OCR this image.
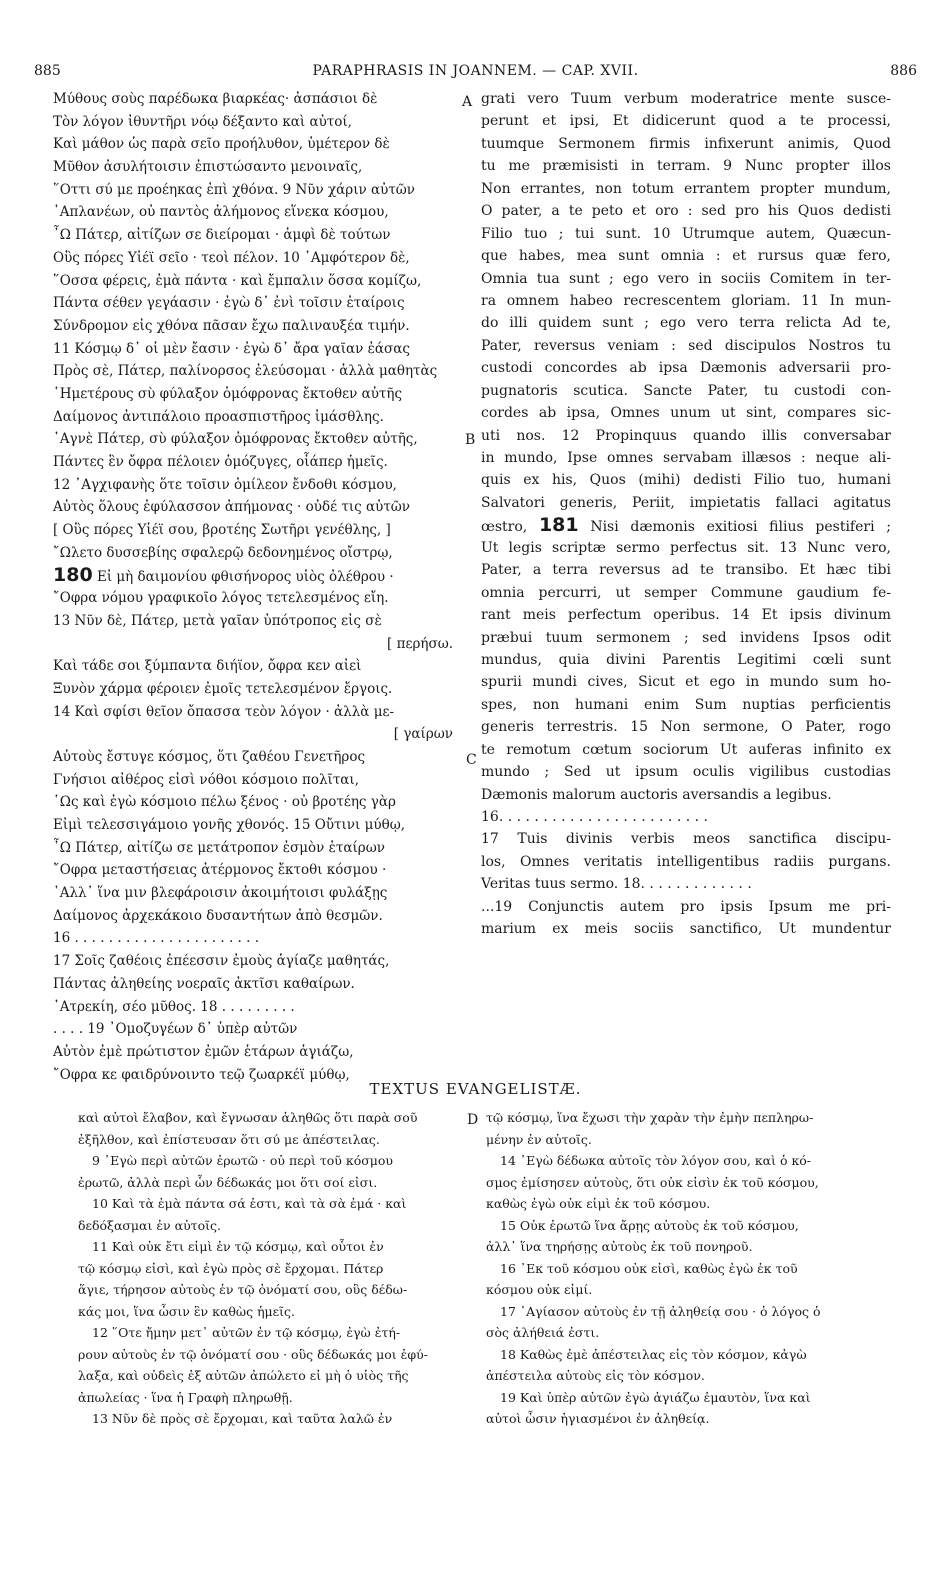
885	PARAPHRASIS IN JOANNEM. — CAP. XVII.	886
A
B
C
D
Μύθους σοὺς παρέδωκα βιαρκέας· ἀσπάσιοι δὲ
Τὸν λόγον ἰθυντῆρι νόῳ δέξαντο καὶ αὐτοί,
Καὶ μάθον ὡς παρὰ σεῖο προήλυθον, ὑμέτερον δὲ
Μῦθον ἀσυλήτοισιν ἐπιστώσαντο μενοιναῖς,
῞Οττι σύ με προέηκας ἐπὶ χθόνα. 9 Νῦν χάριν αὐτῶν
᾿Απλανέων, οὐ παντὸς ἀλήμονος εἵνεκα κόσμου,
῏Ω Πάτερ, αἰτίζων σε διείρομαι · ἀμφὶ δὲ τούτων
Οὓς πόρες Υἱέϊ σεῖο · τεοὶ πέλον. 10 ᾿Αμφότερον δὲ,
῞Οσσα φέρεις, ἐμὰ πάντα · καὶ ἔμπαλιν ὅσσα κομίζω,
Πάντα σέθεν γεγάασιν · ἐγὼ δ᾿ ἐνὶ τοῖσιν ἑταίροις
Σύνδρομον εἰς χθόνα πᾶσαν ἔχω παλιναυξέα τιμήν.
11 Κόσμῳ δ᾿ οἱ μὲν ἔασιν · ἐγὼ δ᾿ ἄρα γαῖαν ἐάσας
Πρὸς σὲ, Πάτερ, παλίνορσος ἐλεύσομαι · ἀλλὰ μαθητὰς
῾Ημετέρους σὺ φύλαξον ὁμόφρονας ἔκτοθεν αὐτῆς
Δαίμονος ἀντιπάλοιο προασπιστῆρος ἱμάσθλης.
᾿Αγνὲ Πάτερ, σὺ φύλαξον ὁμόφρονας ἔκτοθεν αὐτῆς,
Πάντες ἓν ὄφρα πέλοιεν ὁμόζυγες, οἷάπερ ἡμεῖς.
12 ᾿Αγχιφανὴς ὅτε τοῖσιν ὁμίλεον ἔνδοθι κόσμου,
Αὐτὸς ὅλους ἐφύλασσον ἀπήμονας · οὐδέ τις αὐτῶν
[ Οὓς πόρες Υἱέϊ σου, βροτέης Σωτῆρι γενέθλης, ]
῎Ωλετο δυσσεβίης σφαλερῷ δεδονημένος οἴστρῳ,
180 Εἰ μὴ δαιμονίου φθισήνορος υἱὸς ὀλέθρου ·
῎Οφρα νόμου γραφικοῖο λόγος τετελεσμένος εἴη.
13 Νῦν δὲ, Πάτερ, μετὰ γαῖαν ὑπότροπος εἰς σὲ
[ περήσω.
Καὶ τάδε σοι ξύμπαντα διήϊον, ὄφρα κεν αἰεὶ
Ξυνὸν χάρμα φέροιεν ἐμοῖς τετελεσμένον ἔργοις.
14 Καὶ σφίσι θεῖον ὄπασσα τεὸν λόγον · ἀλλὰ με-
[ γαίρων
Αὐτοὺς ἔστυγε κόσμος, ὅτι ζαθέου Γενετῆρος
Γνήσιοι αἰθέρος εἰσὶ νόθοι κόσμοιο πολῖται,
῾Ως καὶ ἐγὼ κόσμοιο πέλω ξένος · οὐ βροτέης γὰρ
Εἰμὶ τελεσσιγάμοιο γονῆς χθονός. 15 Οὔτινι μύθῳ,
῏Ω Πάτερ, αἰτίζω σε μετάτροπον ἐσμὸν ἑταίρων
῎Οφρα μεταστήσειας ἀτέρμονος ἔκτοθι κόσμου ·
᾿Αλλ᾿ ἵνα μιν βλεφάροισιν ἀκοιμήτοισι φυλάξῃς
Δαίμονος ἀρχεκάκοιο δυσαντήτων ἀπὸ θεσμῶν.
16 . . . . . . . . . . . . . . . . . . . . . .
17 Σοῖς ζαθέοις ἐπέεσσιν ἐμοὺς ἁγίαζε μαθητάς,
Πάντας ἀληθείης νοεραῖς ἀκτῖσι καθαίρων.
᾿Ατρεκίη, σέο μῦθος. 18 . . . . . . . . .
. . . . 19 ᾿Ομοζυγέων δ᾿ ὑπὲρ αὐτῶν
Αὐτὸν ἐμὲ πρώτιστον ἐμῶν ἑτάρων ἁγιάζω,
῎Οφρα κε φαιδρύνοιντο τεῷ ζωαρκέϊ μύθῳ,
grati vero Tuum verbum moderatrice mente susce-
perunt et ipsi, Et didicerunt quod a te processi,
tuumque Sermonem firmis infixerunt animis, Quod
tu me præmisisti in terram. 9 Nunc propter illos
Non errantes, non totum errantem propter mundum,
O pater, a te peto et oro : sed pro his Quos dedisti
Filio tuo ; tui sunt. 10 Utrumque autem, Quæcun-
que habes, mea sunt omnia : et rursus quæ fero,
Omnia tua sunt ; ego vero in sociis Comitem in ter-
ra omnem habeo recrescentem gloriam. 11 In mun-
do illi quidem sunt ; ego vero terra relicta Ad te,
Pater, reversus veniam : sed discipulos Nostros tu
custodi concordes ab ipsa Dæmonis adversarii pro-
pugnatoris scutica. Sancte Pater, tu custodi con-
cordes ab ipsa, Omnes unum ut sint, compares sic-
uti nos. 12 Propinquus quando illis conversabar
in mundo, Ipse omnes servabam illæsos : neque ali-
quis ex his, Quos (mihi) dedisti Filio tuo, humani
Salvatori generis, Periit, impietatis fallaci agitatus
œstro, 181 Nisi dæmonis exitiosi filius pestiferi ;
Ut legis scriptæ sermo perfectus sit. 13 Nunc vero,
Pater, a terra reversus ad te transibo. Et hæc tibi
omnia percurri, ut semper Commune gaudium fe-
rant meis perfectum operibus. 14 Et ipsis divinum
præbui tuum sermonem ; sed invidens Ipsos odit
mundus, quia divini Parentis Legitimi cœli sunt
spurii mundi cives, Sicut et ego in mundo sum ho-
spes, non humani enim Sum nuptias perficientis
generis terrestris. 15 Non sermone, O Pater, rogo
te remotum cœtum sociorum Ut auferas infinito ex
mundo ; Sed ut ipsum oculis vigilibus custodias
Dæmonis malorum auctoris aversandis a legibus.
16. . . . . . . . . . . . . . . . . . . . . . . .
17 Tuis divinis verbis meos sanctifica discipu-
los, Omnes veritatis intelligentibus radiis purgans.
Veritas tuus sermo. 18. . . . . . . . . . . . .
...19 Conjunctis autem pro ipsis Ipsum me pri-
marium ex meis sociis sanctifico, Ut mundentur
TEXTUS EVANGELISTÆ.
καὶ αὐτοὶ ἔλαβον, καὶ ἔγνωσαν ἀληθῶς ὅτι παρὰ σοῦ
ἐξῆλθον, καὶ ἐπίστευσαν ὅτι σύ με ἀπέστειλας.
9 ᾿Εγὼ περὶ αὐτῶν ἐρωτῶ · οὐ περὶ τοῦ κόσμου
ἐρωτῶ, ἀλλὰ περὶ ὧν δέδωκάς μοι ὅτι σοί εἰσι.
10 Καὶ τὰ ἐμὰ πάντα σά ἐστι, καὶ τὰ σὰ ἐμά · καὶ
δεδόξασμαι ἐν αὐτοῖς.
11 Καὶ οὐκ ἔτι εἰμὶ ἐν τῷ κόσμῳ, καὶ οὗτοι ἐν
τῷ κόσμῳ εἰσὶ, καὶ ἐγὼ πρὸς σὲ ἔρχομαι. Πάτερ
ἅγιε, τήρησον αὐτοὺς ἐν τῷ ὀνόματί σου, οὓς δέδω-
κάς μοι, ἵνα ὦσιν ἓν καθὼς ἡμεῖς.
12 ῞Οτε ἤμην μετ᾿ αὐτῶν ἐν τῷ κόσμῳ, ἐγὼ ἐτή-
ρουν αὐτοὺς ἐν τῷ ὀνόματί σου · οὓς δέδωκάς μοι ἐφύ-
λαξα, καὶ οὐδεὶς ἐξ αὐτῶν ἀπώλετο εἰ μὴ ὁ υἱὸς τῆς
ἀπωλείας · ἵνα ἡ Γραφὴ πληρωθῇ.
13 Νῦν δὲ πρὸς σὲ ἔρχομαι, καὶ ταῦτα λαλῶ ἐν
τῷ κόσμῳ, ἵνα ἔχωσι τὴν χαρὰν τὴν ἐμὴν πεπληρω-
μένην ἐν αὐτοῖς.
14 ᾿Εγὼ δέδωκα αὐτοῖς τὸν λόγον σου, καὶ ὁ κό-
σμος ἐμίσησεν αὐτοὺς, ὅτι οὐκ εἰσὶν ἐκ τοῦ κόσμου,
καθὼς ἐγὼ οὐκ εἰμὶ ἐκ τοῦ κόσμου.
15 Οὐκ ἐρωτῶ ἵνα ἄρῃς αὐτοὺς ἐκ τοῦ κόσμου,
ἀλλ᾿ ἵνα τηρήσῃς αὐτοὺς ἐκ τοῦ πονηροῦ.
16 ᾿Εκ τοῦ κόσμου οὐκ εἰσὶ, καθὼς ἐγὼ ἐκ τοῦ
κόσμου οὐκ εἰμί.
17 ῾Αγίασον αὐτοὺς ἐν τῇ ἀληθείᾳ σου · ὁ λόγος ὁ
σὸς ἀλήθειά ἐστι.
18 Καθὼς ἐμὲ ἀπέστειλας εἰς τὸν κόσμον, κἀγὼ
ἀπέστειλα αὐτοὺς εἰς τὸν κόσμον.
19 Καὶ ὑπὲρ αὐτῶν ἐγὼ ἁγιάζω ἐμαυτὸν, ἵνα καὶ
αὐτοὶ ὦσιν ἡγιασμένοι ἐν ἀληθείᾳ.
